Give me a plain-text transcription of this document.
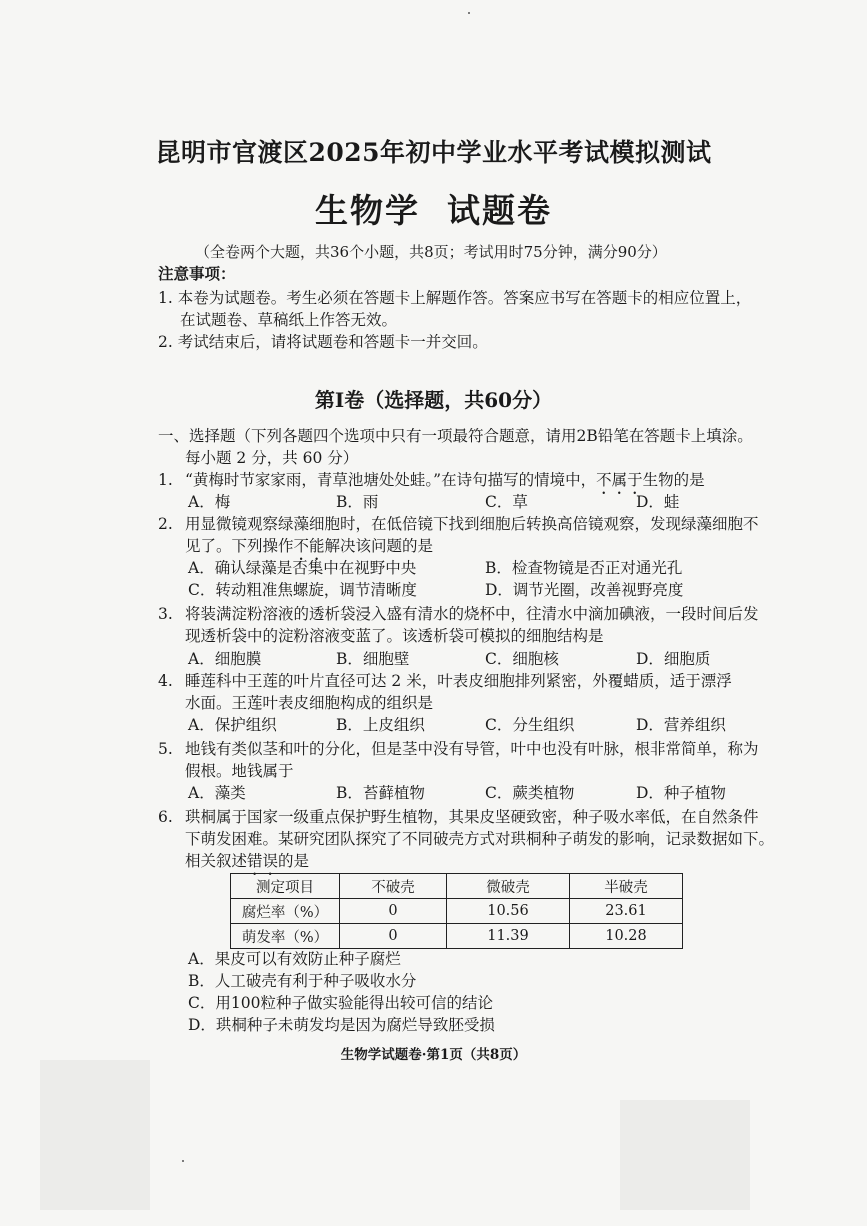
昆明市官渡区2025年初中学业水平考试模拟测试
生物学  试题卷
（全卷两个大题，共36个小题，共8页；考试用时75分钟，满分90分）
注意事项：
1. 本卷为试题卷。考生必须在答题卡上解题作答。答案应书写在答题卡的相应位置上，
在试题卷、草稿纸上作答无效。
2. 考试结束后，请将试题卷和答题卡一并交回。
第Ⅰ卷（选择题，共60分）
一、选择题（下列各题四个选项中只有一项最符合题意，请用2B铅笔在答题卡上填涂。
每小题 2 分，共 60 分）
1. “黄梅时节家家雨，青草池塘处处蛙。”在诗句描写的情境中，不属于生物的是
A．梅	B．雨	C．草	D．蛙
2. 用显微镜观察绿藻细胞时，在低倍镜下找到细胞后转换高倍镜观察，发现绿藻细胞不
见了。下列操作不能解决该问题的是
A．确认绿藻是否集中在视野中央	B．检查物镜是否正对通光孔
C．转动粗准焦螺旋，调节清晰度	D．调节光圈，改善视野亮度
3. 将装满淀粉溶液的透析袋浸入盛有清水的烧杯中，往清水中滴加碘液，一段时间后发
现透析袋中的淀粉溶液变蓝了。该透析袋可模拟的细胞结构是
A．细胞膜	B．细胞壁	C．细胞核	D．细胞质
4. 睡莲科中王莲的叶片直径可达 2 米，叶表皮细胞排列紧密，外覆蜡质，适于漂浮
水面。王莲叶表皮细胞构成的组织是
A．保护组织	B．上皮组织	C．分生组织	D．营养组织
5. 地钱有类似茎和叶的分化，但是茎中没有导管，叶中也没有叶脉，根非常简单，称为
假根。地钱属于
A．藻类	B．苔藓植物	C．蕨类植物	D．种子植物
6. 珙桐属于国家一级重点保护野生植物，其果皮坚硬致密，种子吸水率低，在自然条件
下萌发困难。某研究团队探究了不同破壳方式对珙桐种子萌发的影响，记录数据如下。
相关叙述错误的是
测定项目	不破壳	微破壳	半破壳
腐烂率（%）	0	10.56	23.61
萌发率（%）	0	11.39	10.28
A．果皮可以有效防止种子腐烂
B．人工破壳有利于种子吸收水分
C．用100粒种子做实验能得出较可信的结论
D．珙桐种子未萌发均是因为腐烂导致胚受损
生物学试题卷·第1页（共8页）
